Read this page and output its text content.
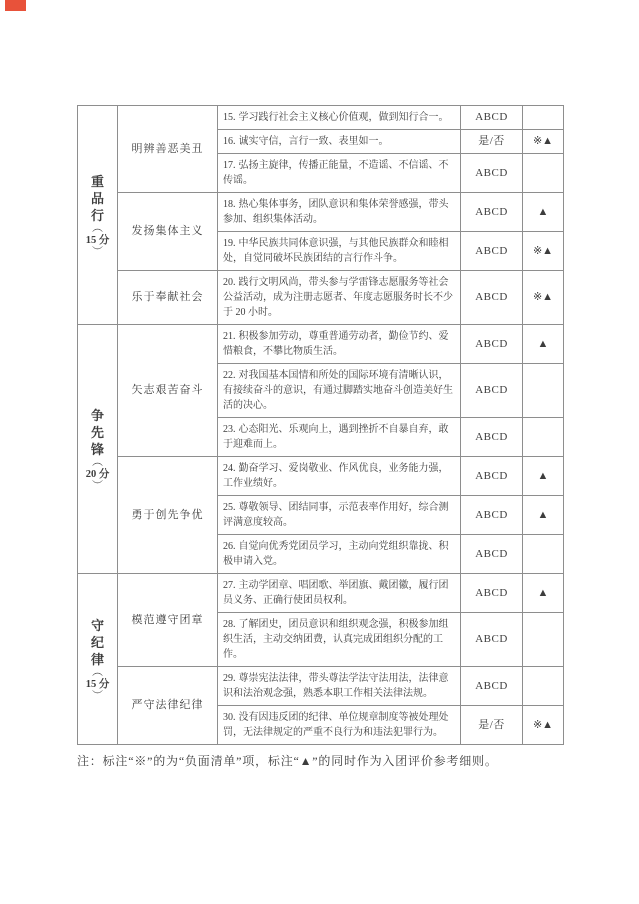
重
品
行
︵
15 分
︶
	明辨善恶美丑	15. 学习践行社会主义核心价值观，做到知行合一。	ABCD	
		16. 诚实守信，言行一致、表里如一。	是/否	※▲
		17. 弘扬主旋律，传播正能量，不造谣、不信谣、不传谣。	ABCD	
	发扬集体主义	18. 热心集体事务，团队意识和集体荣誉感强，带头参加、组织集体活动。	ABCD	▲
		19. 中华民族共同体意识强，与其他民族群众和睦相处，自觉同破坏民族团结的言行作斗争。	ABCD	※▲
	乐于奉献社会	20. 践行文明风尚，带头参与学雷锋志愿服务等社会公益活动，成为注册志愿者、年度志愿服务时长不少于 20 小时。	ABCD	※▲

争
先
锋
︵
20 分
︶
	矢志艰苦奋斗	21. 积极参加劳动，尊重普通劳动者，勤俭节约、爱惜粮食，不攀比物质生活。	ABCD	▲
		22. 对我国基本国情和所处的国际环境有清晰认识，有接续奋斗的意识，有通过脚踏实地奋斗创造美好生活的决心。	ABCD	
		23. 心态阳光、乐观向上，遇到挫折不自暴自弃，敢于迎难而上。	ABCD	
	勇于创先争优	24. 勤奋学习、爱岗敬业、作风优良，业务能力强，工作业绩好。	ABCD	▲
		25. 尊敬领导、团结同事，示范表率作用好，综合测评满意度较高。	ABCD	▲
		26. 自觉向优秀党团员学习，主动向党组织靠拢、积极申请入党。	ABCD	

守
纪
律
︵
15 分
︶
	模范遵守团章	27. 主动学团章、唱团歌、举团旗、戴团徽，履行团员义务、正确行使团员权利。	ABCD	▲
		28. 了解团史，团员意识和组织观念强，积极参加组织生活，主动交纳团费，认真完成团组织分配的工作。	ABCD	
	严守法律纪律	29. 尊崇宪法法律，带头尊法学法守法用法，法律意识和法治观念强，熟悉本职工作相关法律法规。	ABCD	
		30. 没有因违反团的纪律、单位规章制度等被处理处罚，无法律规定的严重不良行为和违法犯罪行为。	是/否	※▲
注：标注“※”的为“负面清单”项，标注“▲”的同时作为入团评价参考细则。
